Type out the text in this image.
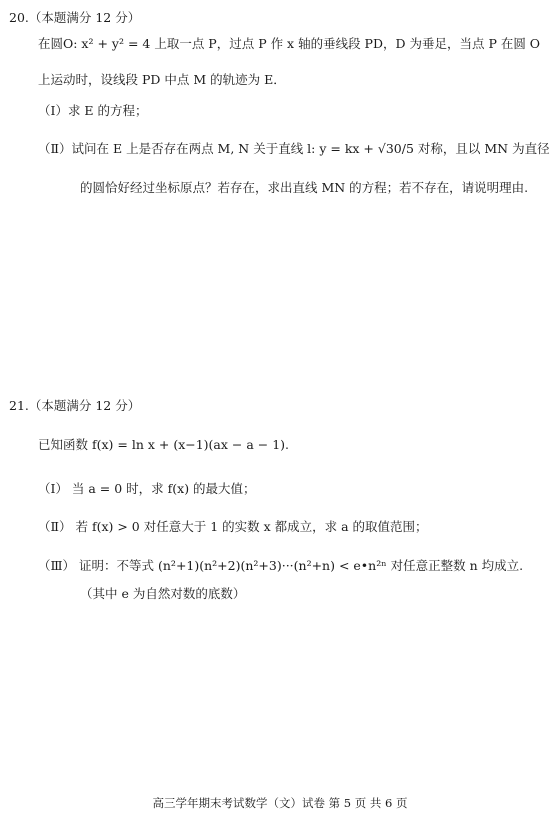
20.（本题满分 12 分）
在圆O: x² + y² = 4 上取一点 P，过点 P 作 x 轴的垂线段 PD，D 为垂足，当点 P 在圆 O
上运动时，设线段 PD 中点 M 的轨迹为 E．
（Ⅰ）求 E 的方程；
（Ⅱ）试问在 E 上是否存在两点 M, N 关于直线 l: y = kx + √30/5 对称，且以 MN 为直径
的圆恰好经过坐标原点？若存在，求出直线 MN 的方程；若不存在，请说明理由.
21.（本题满分 12 分）
已知函数 f(x) = ln x + (x−1)(ax − a − 1).
（Ⅰ） 当 a = 0 时，求 f(x) 的最大值；
（Ⅱ） 若 f(x) > 0 对任意大于 1 的实数 x 都成立，求 a 的取值范围；
（Ⅲ） 证明：不等式 (n²+1)(n²+2)(n²+3)···(n²+n) < e•n²ⁿ 对任意正整数 n 均成立.
（其中 e 为自然对数的底数）
高三学年期末考试数学（文）试卷 第 5 页 共 6 页
